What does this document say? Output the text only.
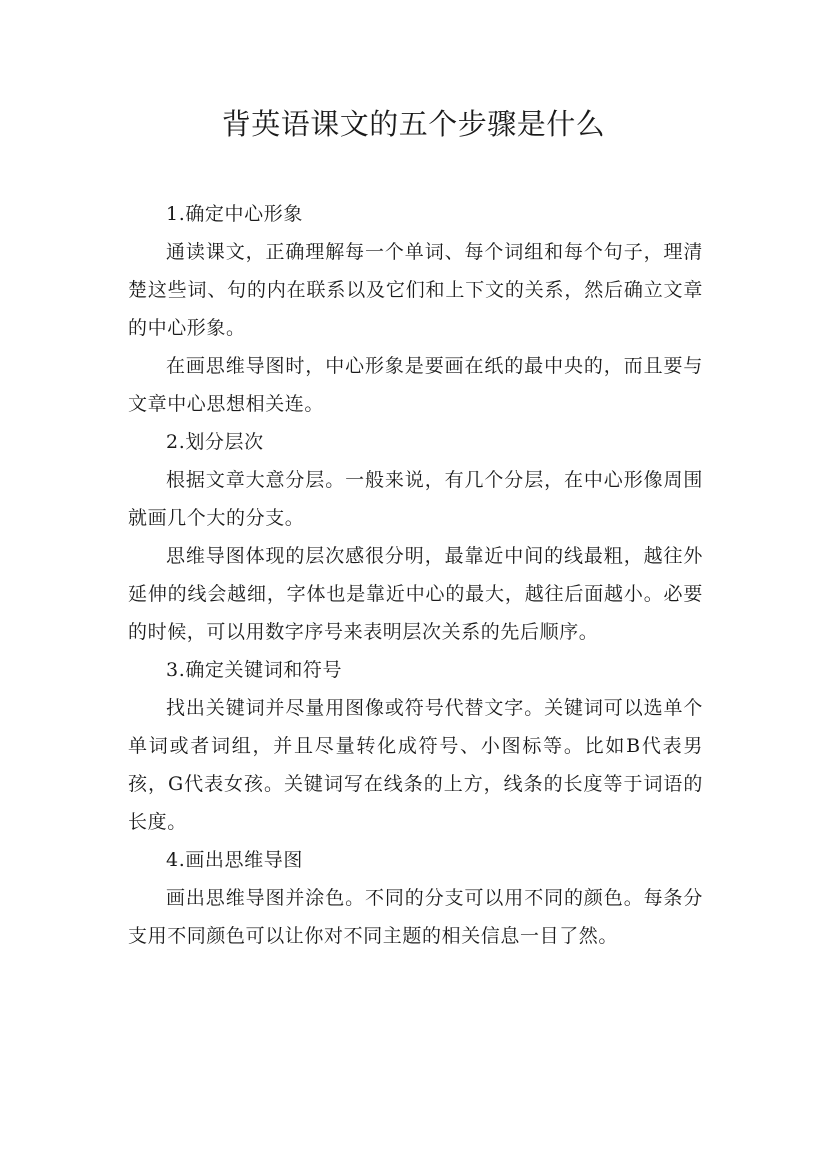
背英语课文的五个步骤是什么

1.确定中心形象

通读课文，正确理解每一个单词、每个词组和每个句子，理清楚这些词、句的内在联系以及它们和上下文的关系，然后确立文章的中心形象。

在画思维导图时，中心形象是要画在纸的最中央的，而且要与文章中心思想相关连。

2.划分层次

根据文章大意分层。一般来说，有几个分层，在中心形像周围就画几个大的分支。

思维导图体现的层次感很分明，最靠近中间的线最粗，越往外延伸的线会越细，字体也是靠近中心的最大，越往后面越小。必要的时候，可以用数字序号来表明层次关系的先后顺序。

3.确定关键词和符号

找出关键词并尽量用图像或符号代替文字。关键词可以选单个单词或者词组，并且尽量转化成符号、小图标等。比如B代表男孩，G代表女孩。关键词写在线条的上方，线条的长度等于词语的长度。

4.画出思维导图

画出思维导图并涂色。不同的分支可以用不同的颜色。每条分支用不同颜色可以让你对不同主题的相关信息一目了然。
